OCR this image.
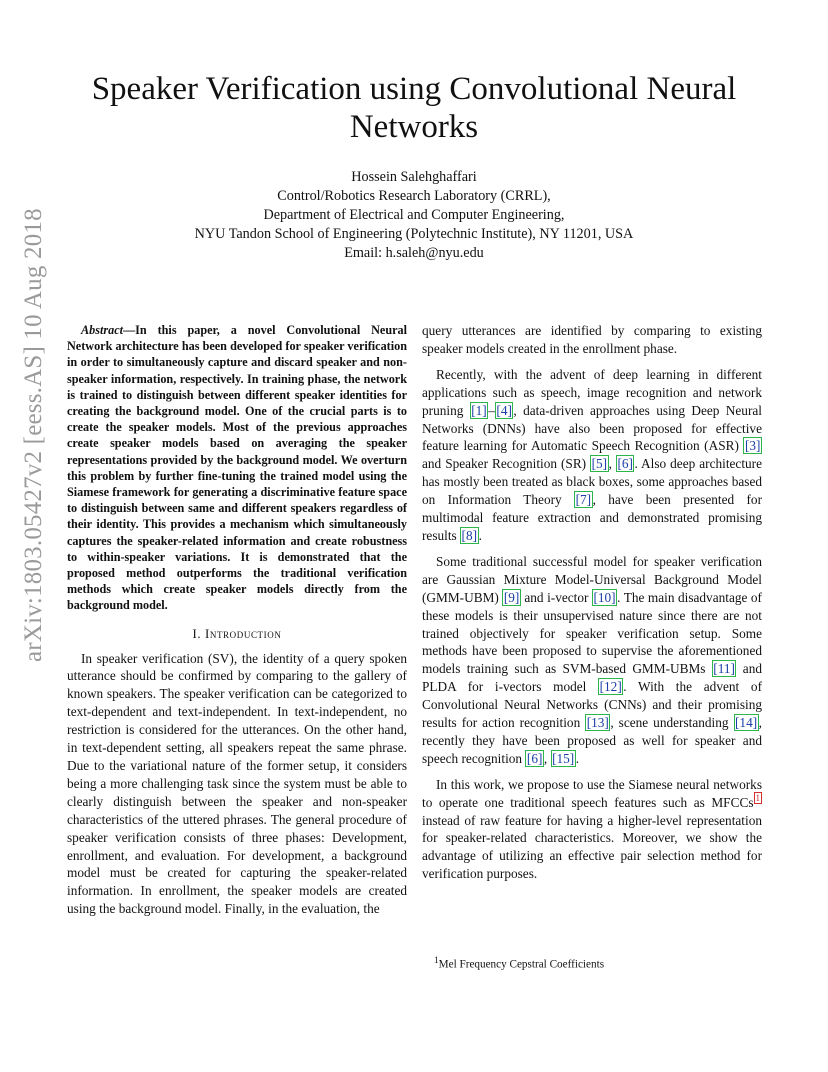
Speaker Verification using Convolutional Neural Networks
Hossein Salehghaffari
Control/Robotics Research Laboratory (CRRL),
Department of Electrical and Computer Engineering,
NYU Tandon School of Engineering (Polytechnic Institute), NY 11201, USA
Email: h.saleh@nyu.edu
arXiv:1803.05427v2 [eess.AS] 10 Aug 2018	Abstract—In this paper, a novel Convolutional Neural Network architecture has been developed for speaker verification in order to simultaneously capture and discard speaker and non-speaker information, respectively. In training phase, the network is trained to distinguish between different speaker identities for creating the background model. One of the crucial parts is to create the speaker models. Most of the previous approaches create speaker models based on averaging the speaker representations provided by the background model. We overturn this problem by further fine-tuning the trained model using the Siamese framework for generating a discriminative feature space to distinguish between same and different speakers regardless of their identity. This provides a mechanism which simultaneously captures the speaker-related information and create robustness to within-speaker variations. It is demonstrated that the proposed method outperforms the traditional verification methods which create speaker models directly from the background model.

I. Introduction

In speaker verification (SV), the identity of a query spoken utterance should be confirmed by comparing to the gallery of known speakers. The speaker verification can be categorized to text-dependent and text-independent. In text-independent, no restriction is considered for the utterances. On the other hand, in text-dependent setting, all speakers repeat the same phrase. Due to the variational nature of the former setup, it considers being a more challenging task since the system must be able to clearly distinguish between the speaker and non-speaker characteristics of the uttered phrases. The general procedure of speaker verification consists of three phases: Development, enrollment, and evaluation. For development, a background model must be created for capturing the speaker-related information. In enrollment, the speaker models are created using the background model. Finally, in the evaluation, the

query utterances are identified by comparing to existing speaker models created in the enrollment phase.

Recently, with the advent of deep learning in different applications such as speech, image recognition and network pruning [1] – [4] , data-driven approaches using Deep Neural Networks (DNNs) have also been proposed for effective feature learning for Automatic Speech Recognition (ASR) [3] and Speaker Recognition (SR) [5] , [6] . Also deep architecture has mostly been treated as black boxes, some approaches based on Information Theory [7] , have been presented for multimodal feature extraction and demonstrated promising results [8] .

Some traditional successful model for speaker verification are Gaussian Mixture Model-Universal Background Model (GMM-UBM) [9] and i-vector [10] . The main disadvantage of these models is their unsupervised nature since there are not trained objectively for speaker verification setup. Some methods have been proposed to supervise the aforementioned models training such as SVM-based GMM-UBMs [11] and PLDA for i-vectors model [12] . With the advent of Convolutional Neural Networks (CNNs) and their promising results for action recognition [13] , scene understanding [14] , recently they have been proposed as well for speaker and speech recognition [6] , [15] .

In this work, we propose to use the Siamese neural networks to operate one traditional speech features such as MFCCs $^1$ instead of raw feature for having a higher-level representation for speaker-related characteristics. Moreover, we show the advantage of utilizing an effective pair selection method for verification purposes.

$^1$Mel Frequency Cepstral Coefficients
